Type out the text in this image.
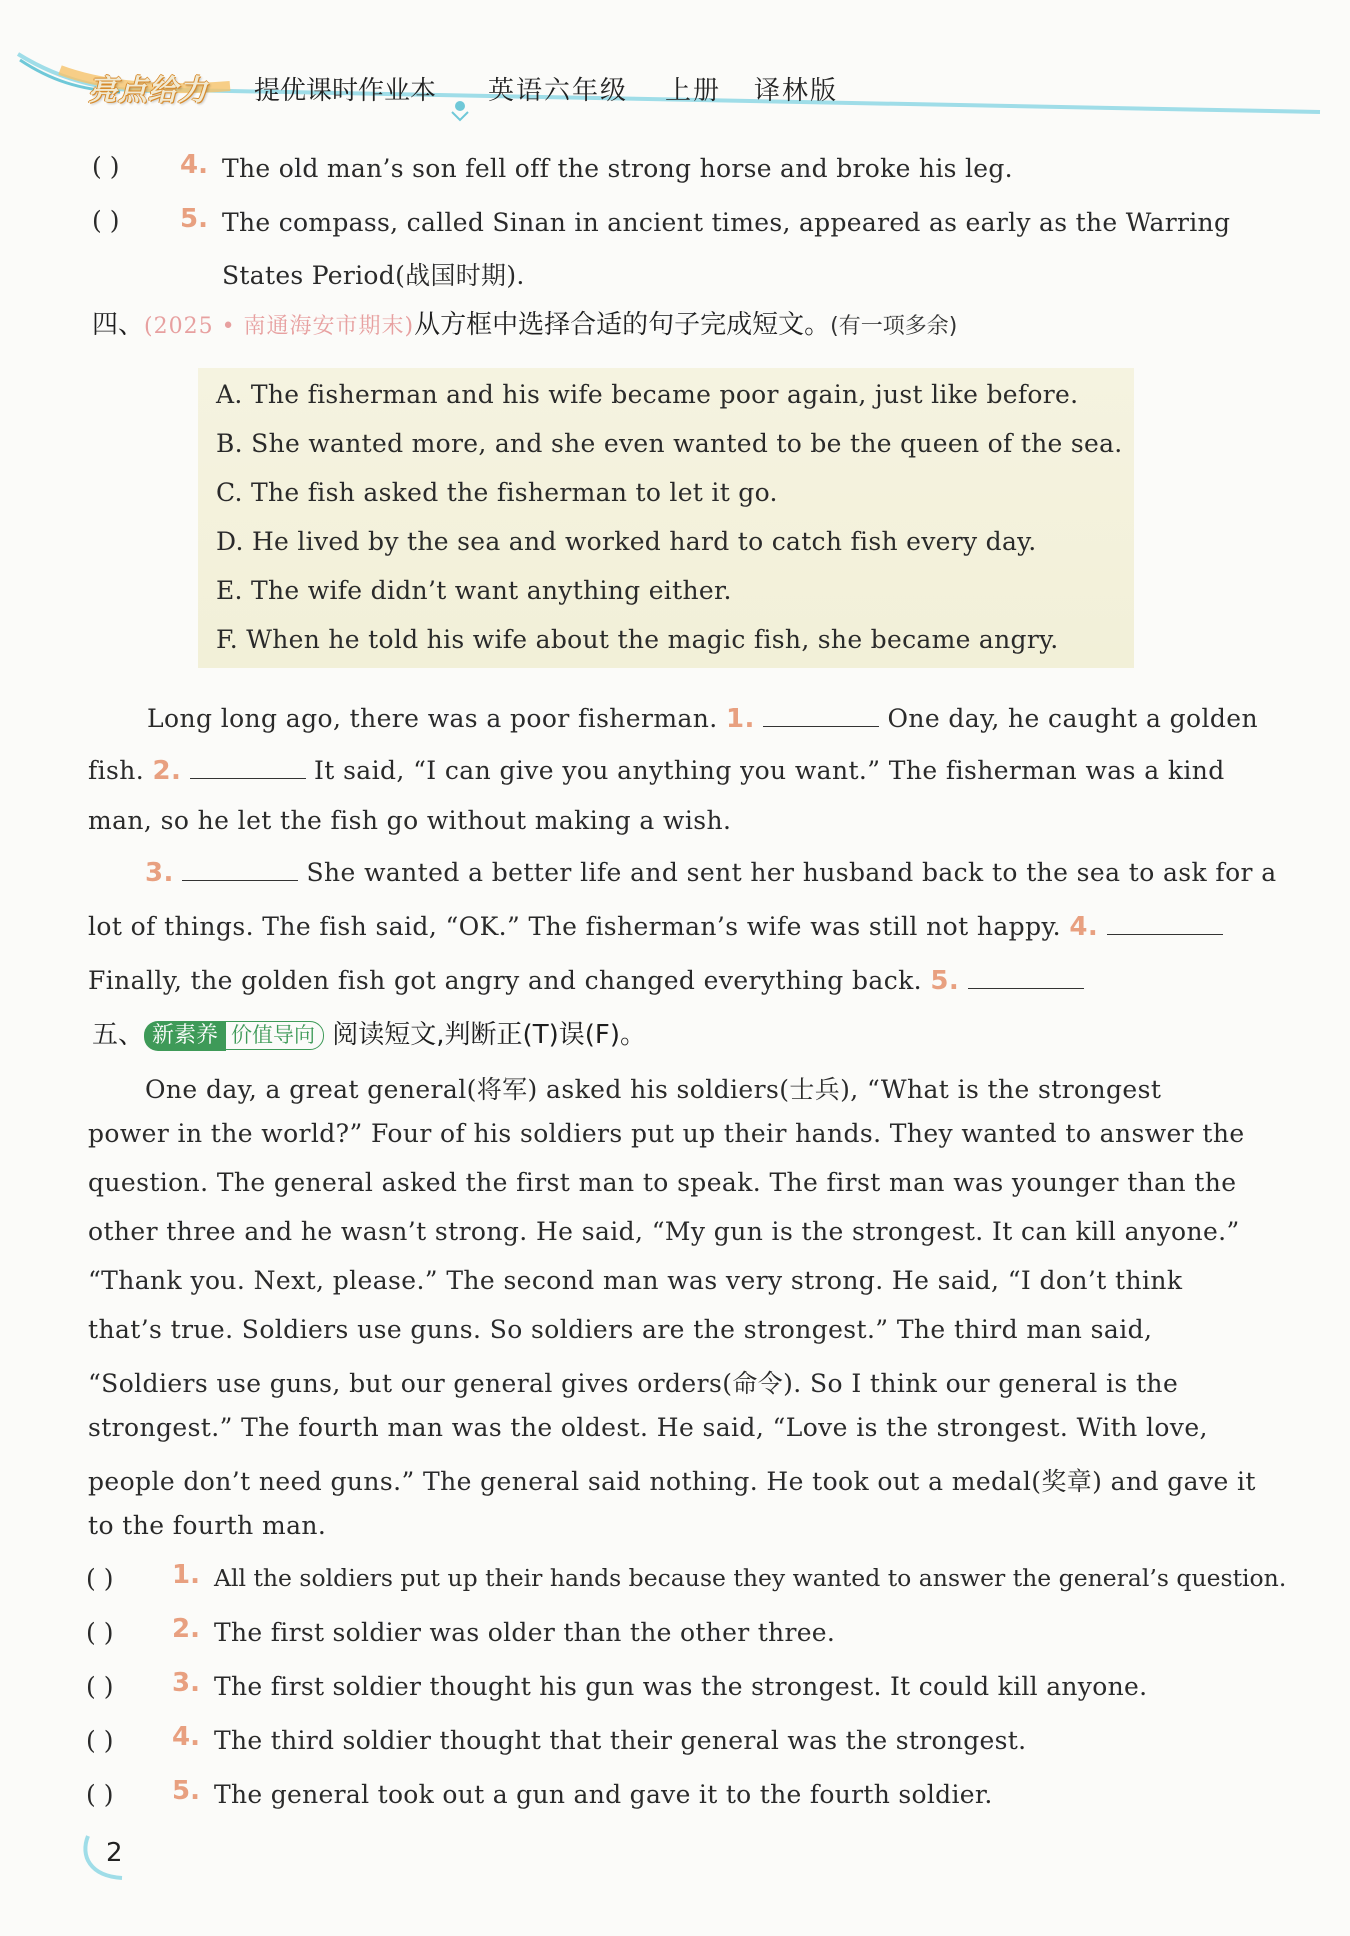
亮点给力 提优课时作业本 英语六年级 上册 译林版
( ) 4. The old man’s son fell off the strong horse and broke his leg.
( ) 5. The compass, called Sinan in ancient times, appeared as early as the Warring
States Period(战国时期).
四、(2025 • 南通海安市期末)从方框中选择合适的句子完成短文。(有一项多余)
A. The fisherman and his wife became poor again, just like before.
B. She wanted more, and she even wanted to be the queen of the sea.
C. The fish asked the fisherman to let it go.
D. He lived by the sea and worked hard to catch fish every day.
E. The wife didn’t want anything either.
F. When he told his wife about the magic fish, she became angry.
Long long ago, there was a poor fisherman. 1.	One day, he caught a golden
fish. 2.	It said, “I can give you anything you want.” The fisherman was a kind
man, so he let the fish go without making a wish.
3.	She wanted a better life and sent her husband back to the sea to ask for a
lot of things. The fish said, “OK.” The fisherman’s wife was still not happy. 4.
Finally, the golden fish got angry and changed everything back. 5.
五、 新素养 价值导向 阅读短文,判断正(T)误(F)。
One day, a great general(将军) asked his soldiers(士兵), “What is the strongest
power in the world?” Four of his soldiers put up their hands. They wanted to answer the
question. The general asked the first man to speak. The first man was younger than the
other three and he wasn’t strong. He said, “My gun is the strongest. It can kill anyone.”
“Thank you. Next, please.” The second man was very strong. He said, “I don’t think
that’s true. Soldiers use guns. So soldiers are the strongest.” The third man said,
“Soldiers use guns, but our general gives orders(命令). So I think our general is the
strongest.” The fourth man was the oldest. He said, “Love is the strongest. With love,
people don’t need guns.” The general said nothing. He took out a medal(奖章) and gave it
to the fourth man.
( ) 1. All the soldiers put up their hands because they wanted to answer the general’s question.
( ) 2. The first soldier was older than the other three.
( ) 3. The first soldier thought his gun was the strongest. It could kill anyone.
( ) 4. The third soldier thought that their general was the strongest.
( ) 5. The general took out a gun and gave it to the fourth soldier.
2
